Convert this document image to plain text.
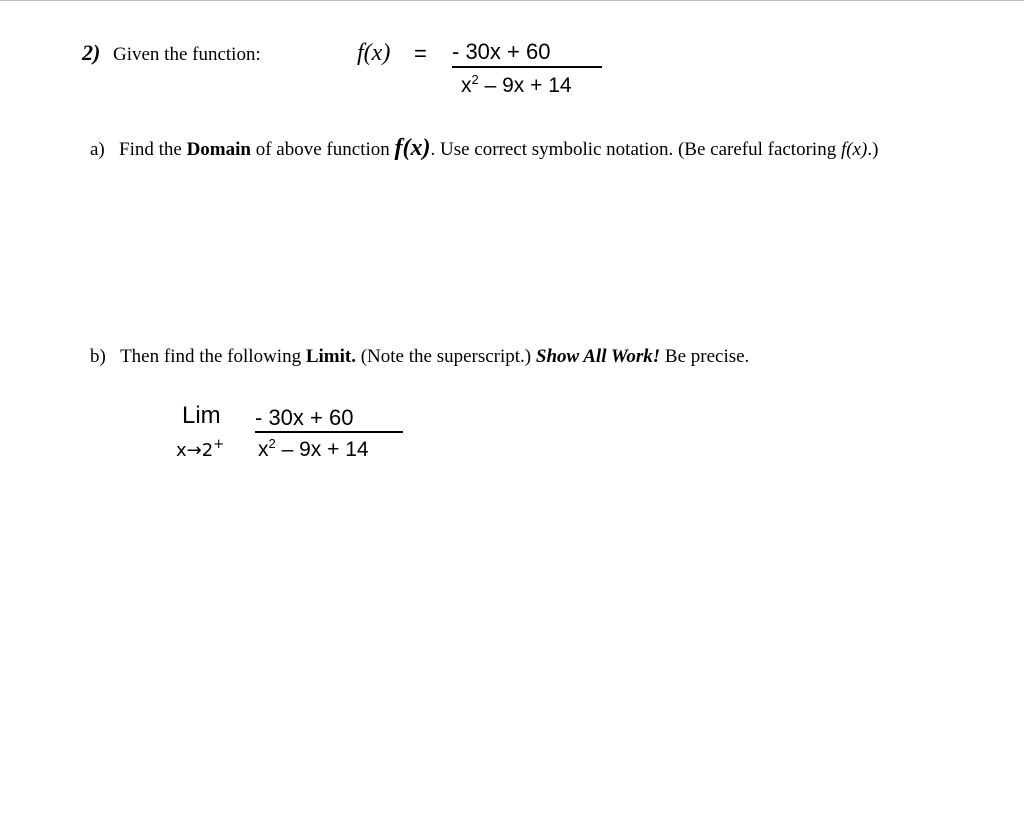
2) Given the function:	f(x) = - 30x + 60
$x^2 - 9x + 14$
a) Find the Domain of above function f(x). Use correct symbolic notation. (Be careful factoring f(x).)
b) Then find the following Limit. (Note the superscript.) Show All Work! Be precise.
Lim - 30x + 60
x→2+ $x^2 - 9x + 14$
